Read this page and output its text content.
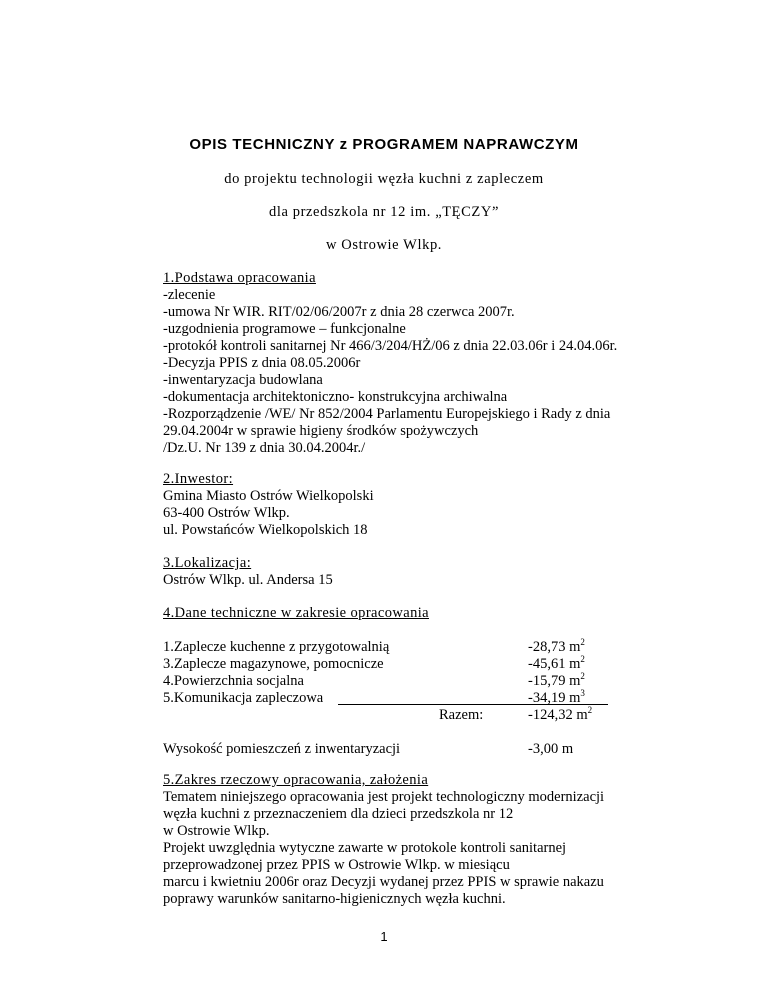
OPIS TECHNICZNY z PROGRAMEM NAPRAWCZYM
do projektu technologii węzła kuchni z zapleczem
dla przedszkola nr 12 im. „TĘCZY”
w Ostrowie Wlkp.
1.Podstawa opracowania
-zlecenie
-umowa Nr WIR. RIT/02/06/2007r z dnia 28 czerwca 2007r.
-uzgodnienia programowe – funkcjonalne
-protokół kontroli sanitarnej Nr 466/3/204/HŻ/06 z dnia 22.03.06r i 24.04.06r.
-Decyzja PPIS z dnia 08.05.2006r
-inwentaryzacja budowlana
-dokumentacja architektoniczno- konstrukcyjna archiwalna
-Rozporządzenie /WE/ Nr 852/2004 Parlamentu Europejskiego i Rady z dnia
29.04.2004r w sprawie higieny środków spożywczych
/Dz.U. Nr 139 z dnia 30.04.2004r./
2.Inwestor:
Gmina Miasto Ostrów Wielkopolski
63-400 Ostrów Wlkp.
ul. Powstańców Wielkopolskich 18
3.Lokalizacja:
Ostrów Wlkp. ul. Andersa 15
4.Dane techniczne w zakresie opracowania
1.Zaplecze kuchenne z przygotowalnią	-28,73 $m^2$
3.Zaplecze magazynowe, pomocnicze	-45,61 $m^2$
4.Powierzchnia socjalna	-15,79 $m^2$
5.Komunikacja zapleczowa	-34,19 $m^3$
Razem:	-124,32 $m^2$
Wysokość pomieszczeń z inwentaryzacji	-3,00 m
5.Zakres rzeczowy opracowania, założenia
Tematem niniejszego opracowania jest projekt technologiczny modernizacji
węzła kuchni z przeznaczeniem dla dzieci przedszkola nr 12
w Ostrowie Wlkp.
Projekt uwzględnia wytyczne zawarte w protokole kontroli sanitarnej
przeprowadzonej przez PPIS w Ostrowie Wlkp. w miesiącu
marcu i kwietniu 2006r oraz Decyzji wydanej przez PPIS w sprawie nakazu
poprawy warunków sanitarno-higienicznych węzła kuchni.
1
